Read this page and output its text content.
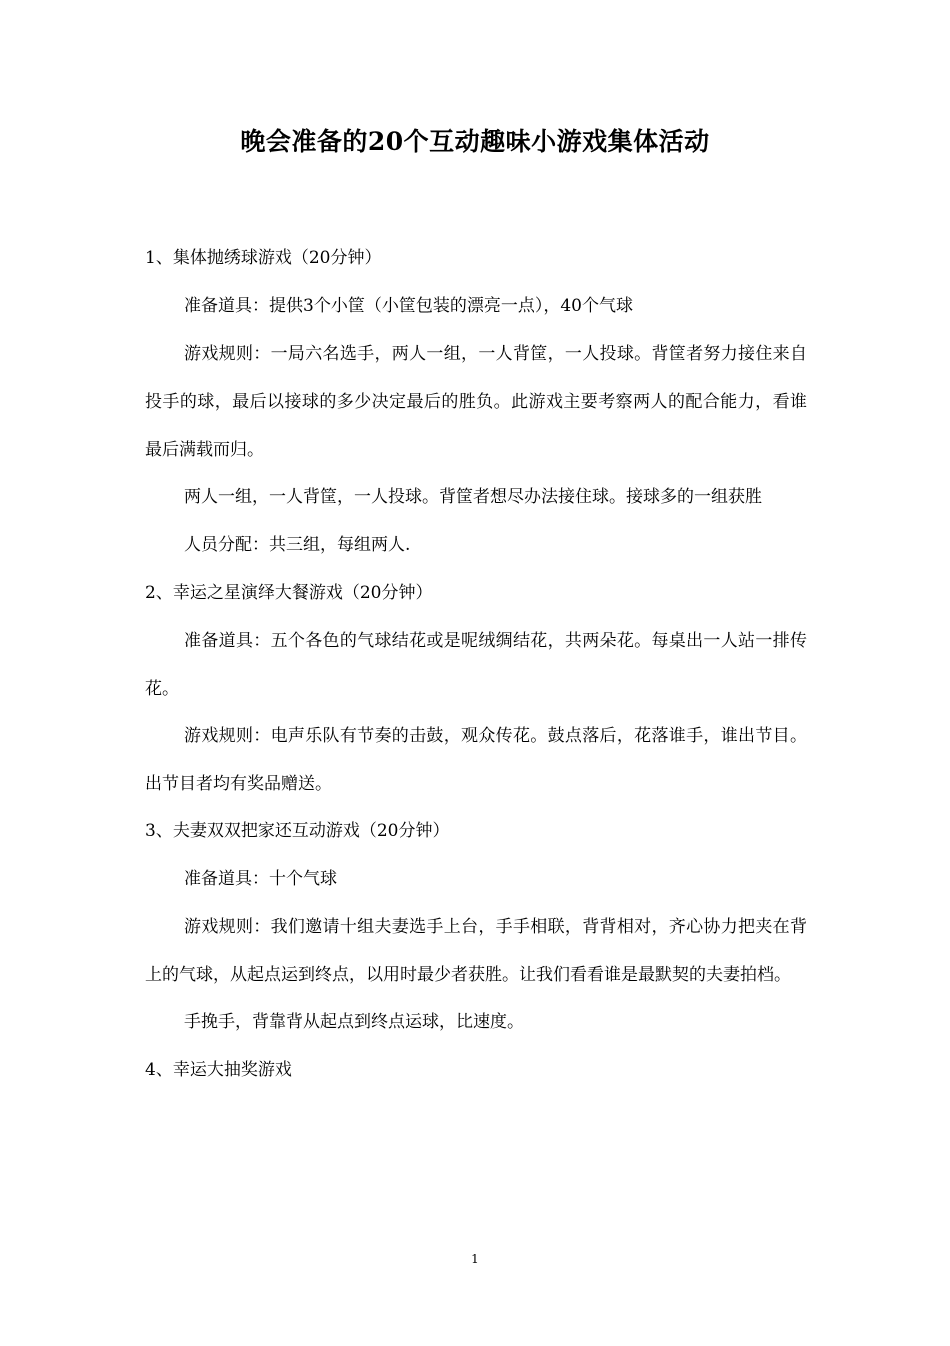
晚会准备的20个互动趣味小游戏集体活动

1、集体抛绣球游戏（20分钟）

准备道具：提供3个小筐（小筐包装的漂亮一点），40个气球

游戏规则：一局六名选手，两人一组，一人背筐，一人投球。背筐者努力接住来自投手的球，最后以接球的多少决定最后的胜负。此游戏主要考察两人的配合能力，看谁最后满载而归。

两人一组，一人背筐，一人投球。背筐者想尽办法接住球。接球多的一组获胜

人员分配：共三组，每组两人.

2、幸运之星演绎大餐游戏（20分钟）

准备道具：五个各色的气球结花或是呢绒绸结花，共两朵花。每桌出一人站一排传花。

游戏规则：电声乐队有节奏的击鼓，观众传花。鼓点落后，花落谁手，谁出节目。出节目者均有奖品赠送。

3、夫妻双双把家还互动游戏（20分钟）

准备道具：十个气球

游戏规则：我们邀请十组夫妻选手上台，手手相联，背背相对，齐心协力把夹在背上的气球，从起点运到终点，以用时最少者获胜。让我们看看谁是最默契的夫妻拍档。

手挽手，背靠背从起点到终点运球，比速度。

4、幸运大抽奖游戏

1
